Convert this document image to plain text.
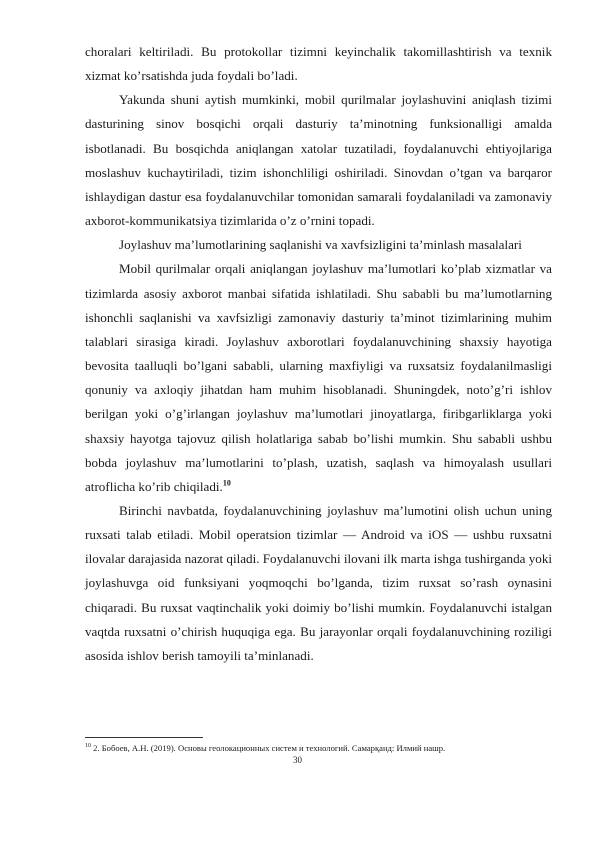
choralari keltiriladi. Bu protokollar tizimni keyinchalik takomillashtirish va texnik xizmat ko’rsatishda juda foydali bo’ladi.

Yakunda shuni aytish mumkinki, mobil qurilmalar joylashuvini aniqlash tizimi dasturining sinov bosqichi orqali dasturiy ta’minotning funksionalligi amalda isbotlanadi. Bu bosqichda aniqlangan xatolar tuzatiladi, foydalanuvchi ehtiyojlariga moslashuv kuchaytiriladi, tizim ishonchliligi oshiriladi. Sinovdan o’tgan va barqaror ishlaydigan dastur esa foydalanuvchilar tomonidan samarali foydalaniladi va zamonaviy axborot-kommunikatsiya tizimlarida o’z o’rnini topadi.

Joylashuv ma’lumotlarining saqlanishi va xavfsizligini ta’minlash masalalari

Mobil qurilmalar orqali aniqlangan joylashuv ma’lumotlari ko’plab xizmatlar va tizimlarda asosiy axborot manbai sifatida ishlatiladi. Shu sababli bu ma’lumotlarning ishonchli saqlanishi va xavfsizligi zamonaviy dasturiy ta’minot tizimlarining muhim talablari sirasiga kiradi. Joylashuv axborotlari foydalanuvchining shaxsiy hayotiga bevosita taalluqli bo’lgani sababli, ularning maxfiyligi va ruxsatsiz foydalanilmasligi qonuniy va axloqiy jihatdan ham muhim hisoblanadi. Shuningdek, noto’g’ri ishlov berilgan yoki o’g’irlangan joylashuv ma’lumotlari jinoyatlarga, firibgarliklarga yoki shaxsiy hayotga tajovuz qilish holatlariga sabab bo’lishi mumkin. Shu sababli ushbu bobda joylashuv ma’lumotlarini to’plash, uzatish, saqlash va himoyalash usullari atroflicha ko’rib chiqiladi.$^{10}$

Birinchi navbatda, foydalanuvchining joylashuv ma’lumotini olish uchun uning ruxsati talab etiladi. Mobil operatsion tizimlar — Android va iOS — ushbu ruxsatni ilovalar darajasida nazorat qiladi. Foydalanuvchi ilovani ilk marta ishga tushirganda yoki joylashuvga oid funksiyani yoqmoqchi bo’lganda, tizim ruxsat so’rash oynasini chiqaradi. Bu ruxsat vaqtinchalik yoki doimiy bo’lishi mumkin. Foydalanuvchi istalgan vaqtda ruxsatni o’chirish huquqiga ega. Bu jarayonlar orqali foydalanuvchining roziligi asosida ishlov berish tamoyili ta’minlanadi.

$^{10}$ 2. Бобоев, А.Н. (2019). Основы геолокационных систем и технологий. Самарқанд: Илмий нашр.
30
